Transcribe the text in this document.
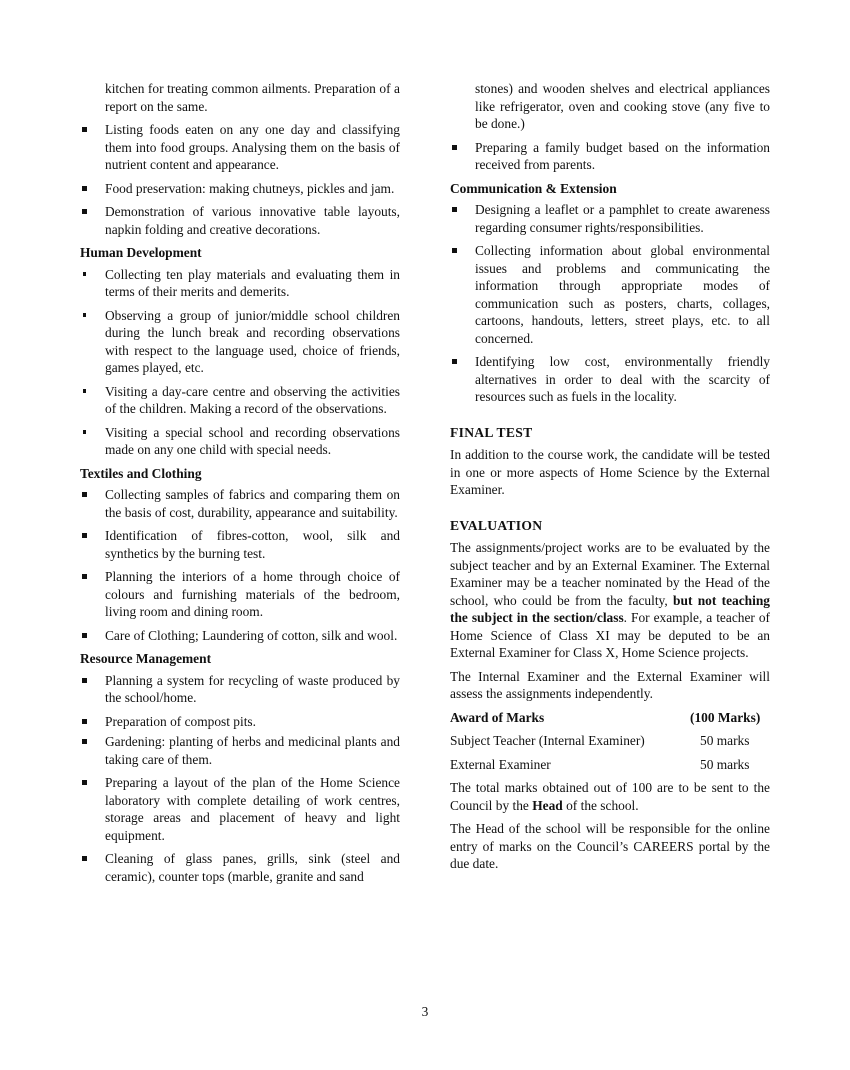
kitchen for treating common ailments. Preparation of a report on the same.

Listing foods eaten on any one day and classifying them into food groups. Analysing them on the basis of nutrient content and appearance.
Food preservation: making chutneys, pickles and jam.
Demonstration of various innovative table layouts, napkin folding and creative decorations.
Human Development
Collecting ten play materials and evaluating them in terms of their merits and demerits.
Observing a group of junior/middle school children during the lunch break and recording observations with respect to the language used, choice of friends, games played, etc.
Visiting a day-care centre and observing the activities of the children. Making a record of the observations.
Visiting a special school and recording observations made on any one child with special needs.
Textiles and Clothing
Collecting samples of fabrics and comparing them on the basis of cost, durability, appearance and suitability.
Identification of fibres-cotton, wool, silk and synthetics by the burning test.
Planning the interiors of a home through choice of colours and furnishing materials of the bedroom, living room and dining room.
Care of Clothing; Laundering of cotton, silk and wool.
Resource Management
Planning a system for recycling of waste produced by the school/home.
Preparation of compost pits.
Gardening: planting of herbs and medicinal plants and taking care of them.
Preparing a layout of the plan of the Home Science laboratory with complete detailing of work centres, storage areas and placement of heavy and light equipment.
Cleaning of glass panes, grills, sink (steel and ceramic), counter tops (marble, granite and sand

stones) and wooden shelves and electrical appliances like refrigerator, oven and cooking stove (any five to be done.)

Preparing a family budget based on the information received from parents.
Communication & Extension
Designing a leaflet or a pamphlet to create awareness regarding consumer rights/responsibilities.
Collecting information about global environmental issues and problems and communicating the information through appropriate modes of communication such as posters, charts, collages, cartoons, handouts, letters, street plays, etc. to all concerned.
Identifying low cost, environmentally friendly alternatives in order to deal with the scarcity of resources such as fuels in the locality.
FINAL TEST

In addition to the course work, the candidate will be tested in one or more aspects of Home Science by the External Examiner.

EVALUATION

The assignments/project works are to be evaluated by the subject teacher and by an External Examiner. The External Examiner may be a teacher nominated by the Head of the school, who could be from the faculty, but not teaching the subject in the section/class. For example, a teacher of Home Science of Class XI may be deputed to be an External Examiner for Class X, Home Science projects.

The Internal Examiner and the External Examiner will assess the assignments independently.

Award of Marks	(100 Marks)
Subject Teacher (Internal Examiner)	50 marks
External Examiner	50 marks

The total marks obtained out of 100 are to be sent to the Council by the Head of the school.

The Head of the school will be responsible for the online entry of marks on the Council’s CAREERS portal by the due date.

3
